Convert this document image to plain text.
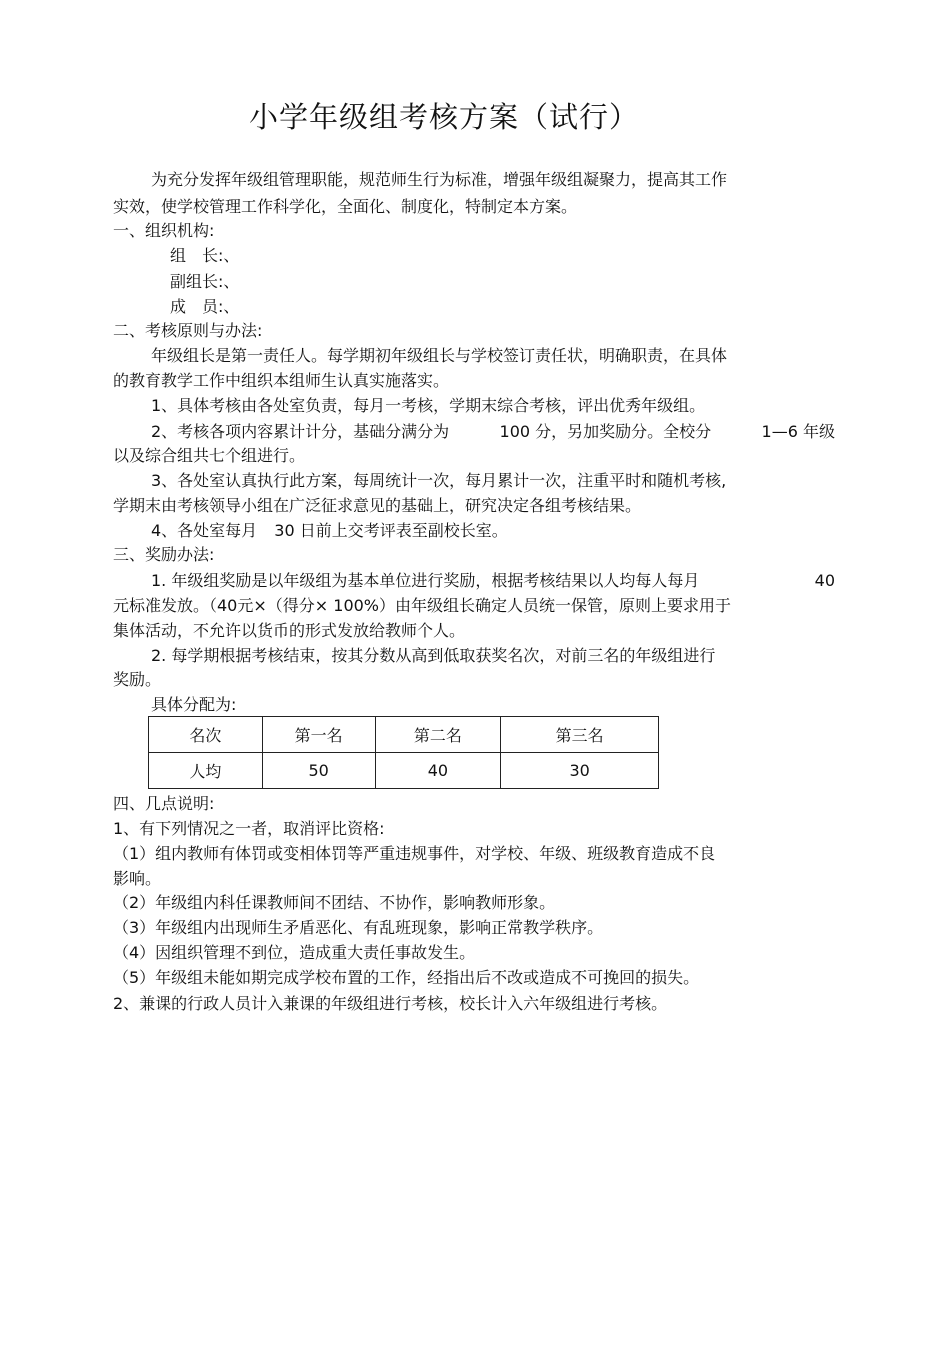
小学年级组考核方案（试行）
为充分发挥年级组管理职能，规范师生行为标准，增强年级组凝聚力，提高其工作
实效，使学校管理工作科学化，全面化、制度化，特制定本方案。
一、组织机构:
组　长:、
副组长:、
成　员:、
二、考核原则与办法:
年级组长是第一责任人。每学期初年级组长与学校签订责任状，明确职责，在具体
的教育教学工作中组织本组师生认真实施落实。
1、具体考核由各处室负责，每月一考核，学期末综合考核，评出优秀年级组。
2、考核各项内容累计计分，基础分满分为	100 分，另加奖励分。全校分	1—6 年级
以及综合组共七个组进行。
3、各处室认真执行此方案，每周统计一次，每月累计一次，注重平时和随机考核,
学期末由考核领导小组在广泛征求意见的基础上，研究决定各组考核结果。
4、各处室每月 30 日前上交考评表至副校长室。
三、奖励办法:
1. 年级组奖励是以年级组为基本单位进行奖励，根据考核结果以人均每人每月	40
元标准发放。（40元×（得分× 100%）由年级组长确定人员统一保管，原则上要求用于
集体活动，不允许以货币的形式发放给教师个人。
2. 每学期根据考核结束，按其分数从高到低取获奖名次，对前三名的年级组进行
奖励。
具体分配为:
名次	第一名	第二名	第三名
人均	50	40	30
四、几点说明:
1、有下列情况之一者，取消评比资格:
（1）组内教师有体罚或变相体罚等严重违规事件，对学校、年级、班级教育造成不良
影响。
（2）年级组内科任课教师间不团结、不协作，影响教师形象。
（3）年级组内出现师生矛盾恶化、有乱班现象，影响正常教学秩序。
（4）因组织管理不到位，造成重大责任事故发生。
（5）年级组未能如期完成学校布置的工作，经指出后不改或造成不可挽回的损失。
2、兼课的行政人员计入兼课的年级组进行考核，校长计入六年级组进行考核。
